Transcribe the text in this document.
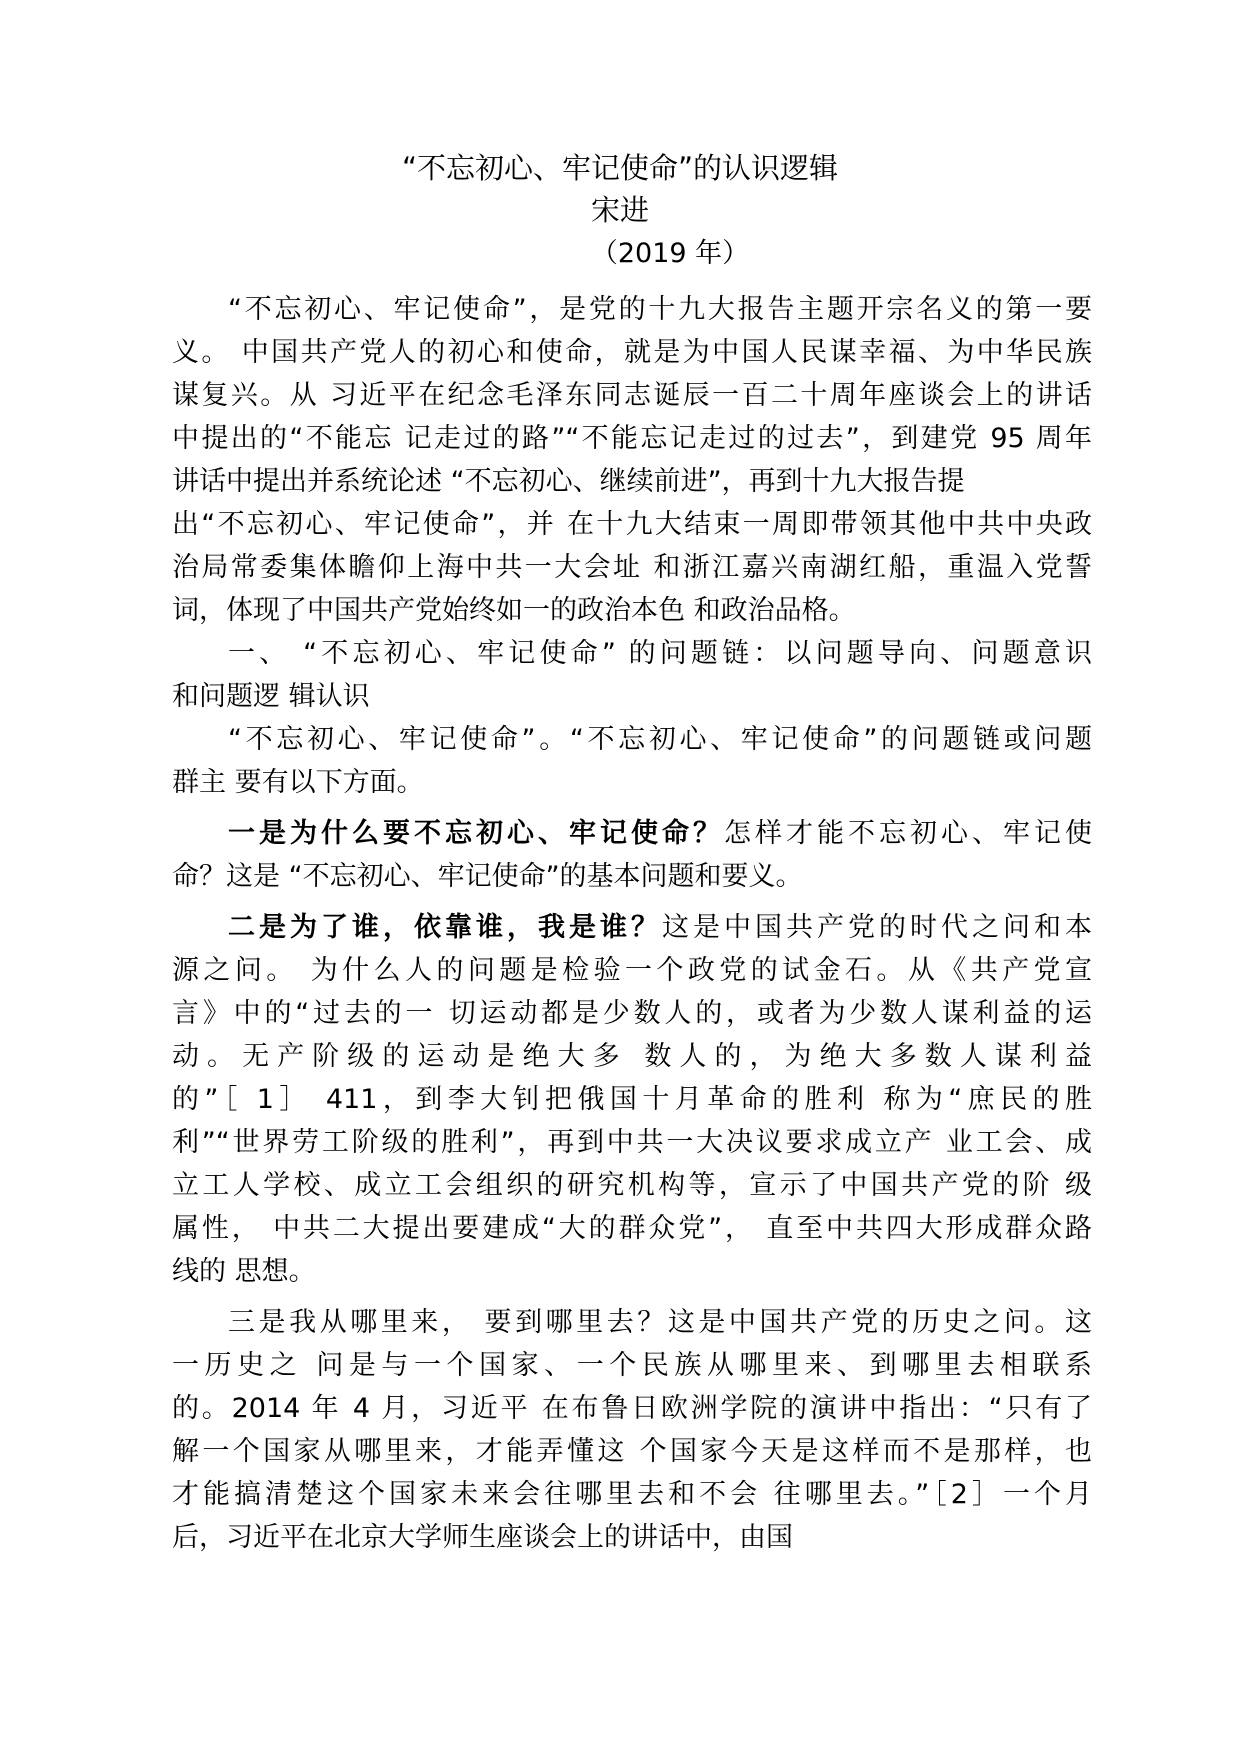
“不忘初心、牢记使命”的认识逻辑
宋进
（2019 年）
“不忘初心、牢记使命”，是党的十九大报告主题开宗名义的第一要
义。 中国共产党人的初心和使命，就是为中国人民谋幸福、为中华民族
谋复兴。从 习近平在纪念毛泽东同志诞辰一百二十周年座谈会上的讲话
中提出的“不能忘 记走过的路”“不能忘记走过的过去”，到建党 95 周年
讲话中提出并系统论述 “不忘初心、继续前进”，再到十九大报告提
出“不忘初心、牢记使命”，并 在十九大结束一周即带领其他中共中央政
治局常委集体瞻仰上海中共一大会址 和浙江嘉兴南湖红船，重温入党誓
词，体现了中国共产党始终如一的政治本色 和政治品格。
一、 “不忘初心、牢记使命” 的问题链：以问题导向、问题意识
和问题逻 辑认识
“不忘初心、牢记使命”。“不忘初心、牢记使命”的问题链或问题
群主 要有以下方面。
一是为什么要不忘初心、牢记使命？怎样才能不忘初心、牢记使
命？这是 “不忘初心、牢记使命”的基本问题和要义。
二是为了谁，依靠谁，我是谁？这是中国共产党的时代之问和本
源之问。 为什么人的问题是检验一个政党的试金石。从《共产党宣
言》中的“过去的一 切运动都是少数人的，或者为少数人谋利益的运
动。无产阶级的运动是绝大多 数人的，为绝大多数人谋利益
的”［ 1］ 411，到李大钊把俄国十月革命的胜利 称为“庶民的胜
利”“世界劳工阶级的胜利”，再到中共一大决议要求成立产 业工会、成
立工人学校、成立工会组织的研究机构等，宣示了中国共产党的阶 级
属性， 中共二大提出要建成“大的群众党”， 直至中共四大形成群众路
线的 思想。
三是我从哪里来， 要到哪里去？这是中国共产党的历史之问。这
一历史之 问是与一个国家、一个民族从哪里来、到哪里去相联系
的。2014 年 4 月，习近平 在布鲁日欧洲学院的演讲中指出：“只有了
解一个国家从哪里来，才能弄懂这 个国家今天是这样而不是那样，也
才能搞清楚这个国家未来会往哪里去和不会 往哪里去。”［2］一个月
后，习近平在北京大学师生座谈会上的讲话中，由国
